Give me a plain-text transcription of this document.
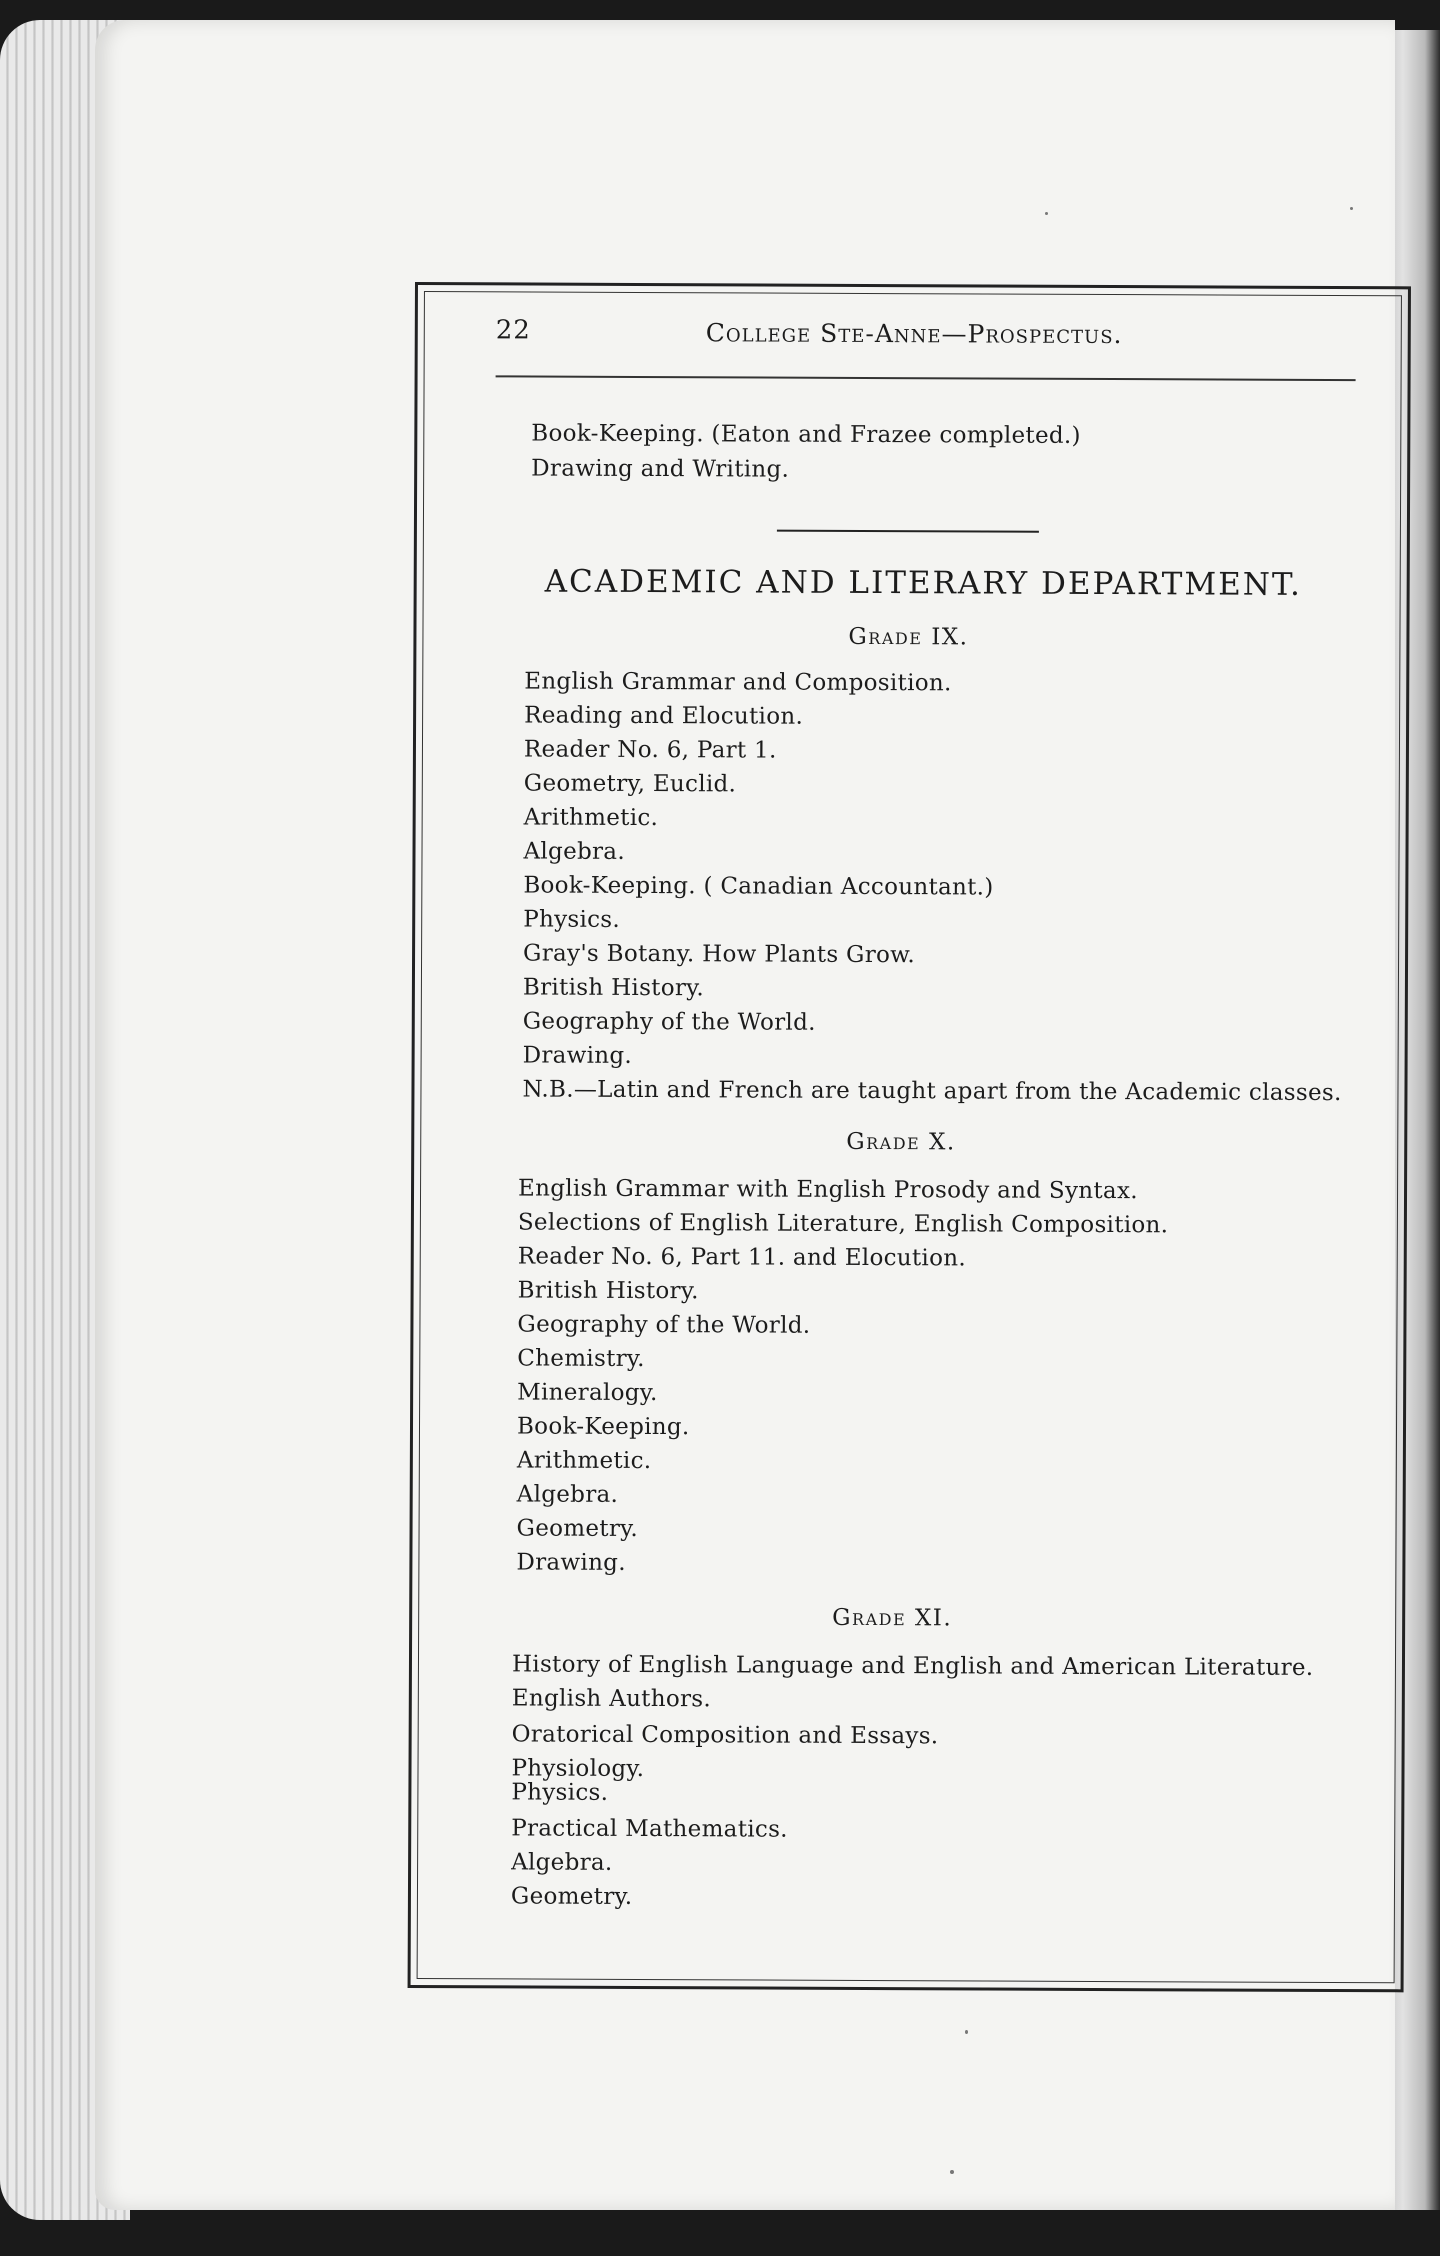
22	College Ste-Anne—Prospectus.
Book-Keeping. (Eaton and Frazee completed.)
Drawing and Writing.
ACADEMIC AND LITERARY DEPARTMENT.
Grade IX.
English Grammar and Composition.
Reading and Elocution.
Reader No. 6, Part 1.
Geometry, Euclid.
Arithmetic.
Algebra.
Book-Keeping. ( Canadian Accountant.)
Physics.
Gray's Botany. How Plants Grow.
British History.
Geography of the World.
Drawing.
N.B.—Latin and French are taught apart from the Academic classes.
Grade X.
English Grammar with English Prosody and Syntax.
Selections of English Literature, English Composition.
Reader No. 6, Part 11. and Elocution.
British History.
Geography of the World.
Chemistry.
Mineralogy.
Book-Keeping.
Arithmetic.
Algebra.
Geometry.
Drawing.
Grade XI.
History of English Language and English and American Literature.
English Authors.
Oratorical Composition and Essays.
Physiology.
Physics.
Practical Mathematics.
Algebra.
Geometry.
